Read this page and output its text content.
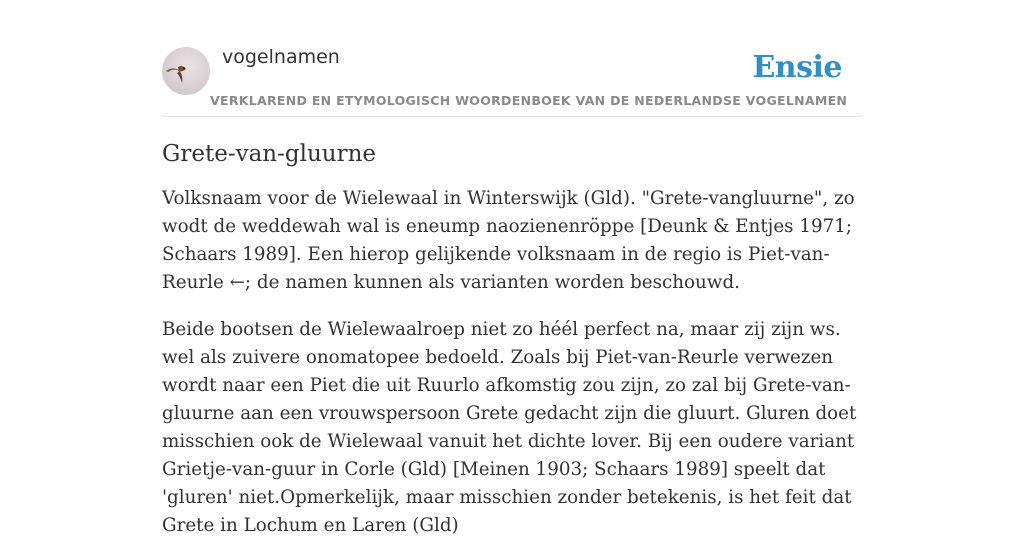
vogelnamen	Ensie
VERKLAREND EN ETYMOLOGISCH WOORDENBOEK VAN DE NEDERLANDSE VOGELNAMEN
Grete-van-gluurne

Volksnaam voor de Wielewaal in Winterswijk (Gld). "Grete-vangluurne", zo wodt de weddewah wal is eneump naozienenröppe [Deunk & Entjes 1971; Schaars 1989]. Een hierop gelijkende volksnaam in de regio is Piet-van-Reurle ←; de namen kunnen als varianten worden beschouwd.

Beide bootsen de Wielewaalroep niet zo héél perfect na, maar zij zijn ws. wel als zuivere onomatopee bedoeld. Zoals bij Piet-van-Reurle verwezen wordt naar een Piet die uit Ruurlo afkomstig zou zijn, zo zal bij Grete-van-gluurne aan een vrouwspersoon Grete gedacht zijn die gluurt. Gluren doet misschien ook de Wielewaal vanuit het dichte lover. Bij een oudere variant Grietje-van-guur in Corle (Gld) [Meinen 1903; Schaars 1989] speelt dat 'gluren' niet.Opmerkelijk, maar misschien zonder betekenis, is het feit dat Grete in Lochum en Laren (Gld)
